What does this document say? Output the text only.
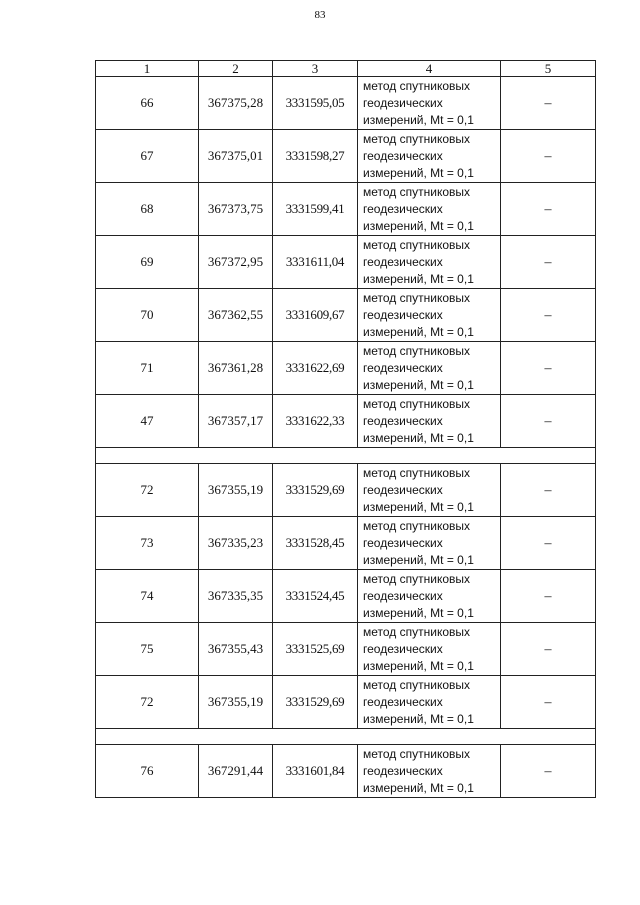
83
1	2	3	4	5
66	367375,28	3331595,05	метод спутниковых
геодезических
измерений, Mt = 0,1	–
67	367375,01	3331598,27	метод спутниковых
геодезических
измерений, Mt = 0,1	–
68	367373,75	3331599,41	метод спутниковых
геодезических
измерений, Mt = 0,1	–
69	367372,95	3331611,04	метод спутниковых
геодезических
измерений, Mt = 0,1	–
70	367362,55	3331609,67	метод спутниковых
геодезических
измерений, Mt = 0,1	–
71	367361,28	3331622,69	метод спутниковых
геодезических
измерений, Mt = 0,1	–
47	367357,17	3331622,33	метод спутниковых
геодезических
измерений, Mt = 0,1	–

72	367355,19	3331529,69	метод спутниковых
геодезических
измерений, Mt = 0,1	–
73	367335,23	3331528,45	метод спутниковых
геодезических
измерений, Mt = 0,1	–
74	367335,35	3331524,45	метод спутниковых
геодезических
измерений, Mt = 0,1	–
75	367355,43	3331525,69	метод спутниковых
геодезических
измерений, Mt = 0,1	–
72	367355,19	3331529,69	метод спутниковых
геодезических
измерений, Mt = 0,1	–

76	367291,44	3331601,84	метод спутниковых
геодезических
измерений, Mt = 0,1	–
